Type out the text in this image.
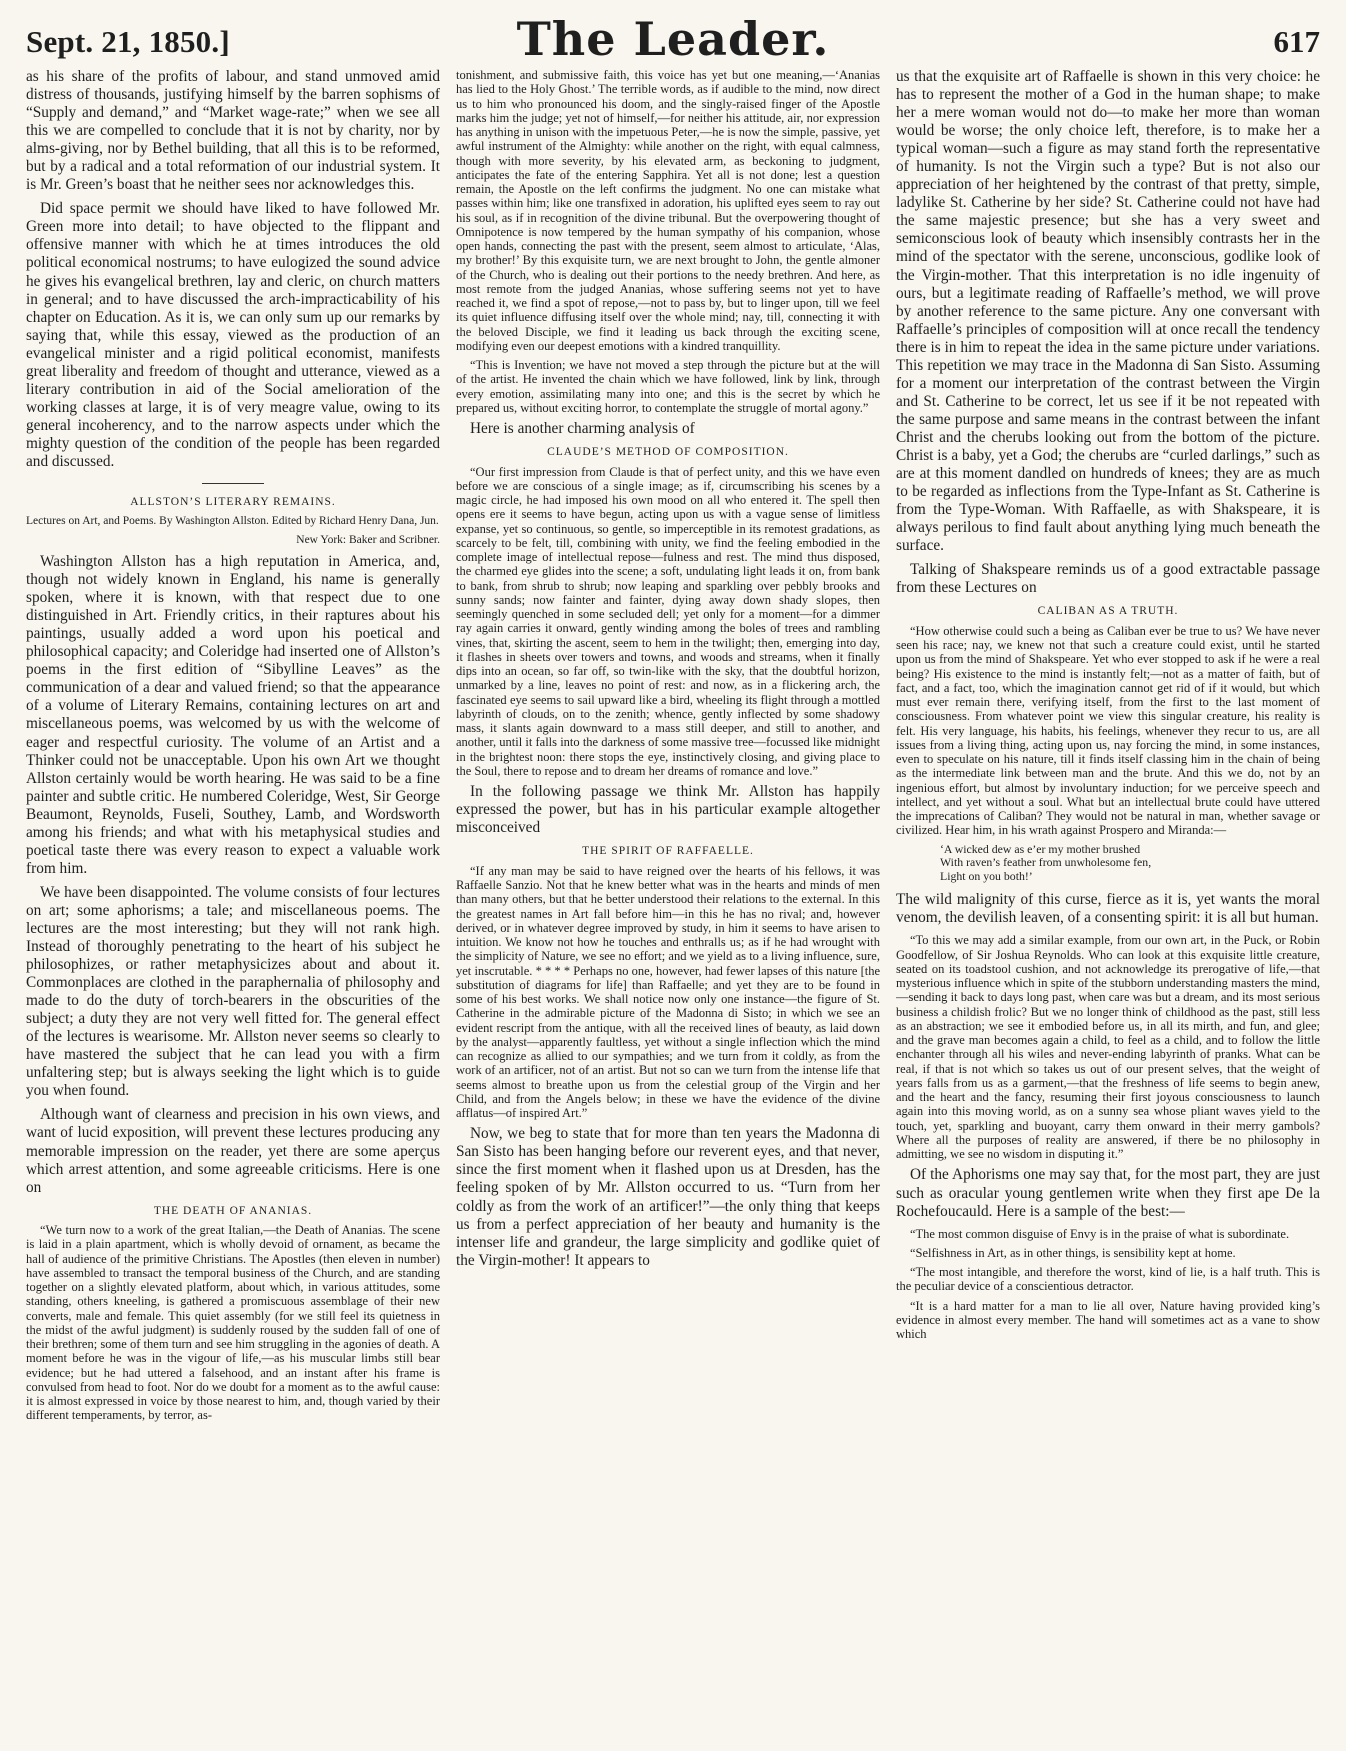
Sept. 21, 1850.]	The Leader.	617

as his share of the profits of labour, and stand unmoved amid distress of thousands, justifying himself by the barren sophisms of “Supply and demand,” and “Market wage-rate;” when we see all this we are compelled to conclude that it is not by charity, nor by alms-giving, nor by Bethel building, that all this is to be reformed, but by a radical and a total reformation of our industrial system. It is Mr. Green’s boast that he neither sees nor acknowledges this.

Did space permit we should have liked to have followed Mr. Green more into detail; to have objected to the flippant and offensive manner with which he at times introduces the old political economical nostrums; to have eulogized the sound advice he gives his evangelical brethren, lay and cleric, on church matters in general; and to have discussed the arch-impracticability of his chapter on Education. As it is, we can only sum up our remarks by saying that, while this essay, viewed as the production of an evangelical minister and a rigid political economist, manifests great liberality and freedom of thought and utterance, viewed as a literary contribution in aid of the Social amelioration of the working classes at large, it is of very meagre value, owing to its general incoherency, and to the narrow aspects under which the mighty question of the condition of the people has been regarded and discussed.

ALLSTON’S LITERARY REMAINS.

Lectures on Art, and Poems. By Washington Allston. Edited by Richard Henry Dana, Jun.

New York: Baker and Scribner.

Washington Allston has a high reputation in America, and, though not widely known in England, his name is generally spoken, where it is known, with that respect due to one distinguished in Art. Friendly critics, in their raptures about his paintings, usually added a word upon his poetical and philosophical capacity; and Coleridge had inserted one of Allston’s poems in the first edition of “Sibylline Leaves” as the communication of a dear and valued friend; so that the appearance of a volume of Literary Remains, containing lectures on art and miscellaneous poems, was welcomed by us with the welcome of eager and respectful curiosity. The volume of an Artist and a Thinker could not be unacceptable. Upon his own Art we thought Allston certainly would be worth hearing. He was said to be a fine painter and subtle critic. He numbered Coleridge, West, Sir George Beaumont, Reynolds, Fuseli, Southey, Lamb, and Wordsworth among his friends; and what with his metaphysical studies and poetical taste there was every reason to expect a valuable work from him.

We have been disappointed. The volume consists of four lectures on art; some aphorisms; a tale; and miscellaneous poems. The lectures are the most interesting; but they will not rank high. Instead of thoroughly penetrating to the heart of his subject he philosophizes, or rather metaphysicizes about and about it. Commonplaces are clothed in the paraphernalia of philosophy and made to do the duty of torch-bearers in the obscurities of the subject; a duty they are not very well fitted for. The general effect of the lectures is wearisome. Mr. Allston never seems so clearly to have mastered the subject that he can lead you with a firm unfaltering step; but is always seeking the light which is to guide you when found.

Although want of clearness and precision in his own views, and want of lucid exposition, will prevent these lectures producing any memorable impression on the reader, yet there are some aperçus which arrest attention, and some agreeable criticisms. Here is one on

THE DEATH OF ANANIAS.

“We turn now to a work of the great Italian,—the Death of Ananias. The scene is laid in a plain apartment, which is wholly devoid of ornament, as became the hall of audience of the primitive Christians. The Apostles (then eleven in number) have assembled to transact the temporal business of the Church, and are standing together on a slightly elevated platform, about which, in various attitudes, some standing, others kneeling, is gathered a promiscuous assemblage of their new converts, male and female. This quiet assembly (for we still feel its quietness in the midst of the awful judgment) is suddenly roused by the sudden fall of one of their brethren; some of them turn and see him struggling in the agonies of death. A moment before he was in the vigour of life,—as his muscular limbs still bear evidence; but he had uttered a falsehood, and an instant after his frame is convulsed from head to foot. Nor do we doubt for a moment as to the awful cause: it is almost expressed in voice by those nearest to him, and, though varied by their different temperaments, by terror, as-

tonishment, and submissive faith, this voice has yet but one meaning,—‘Ananias has lied to the Holy Ghost.’ The terrible words, as if audible to the mind, now direct us to him who pronounced his doom, and the singly-raised finger of the Apostle marks him the judge; yet not of himself,—for neither his attitude, air, nor expression has anything in unison with the impetuous Peter,—he is now the simple, passive, yet awful instrument of the Almighty: while another on the right, with equal calmness, though with more severity, by his elevated arm, as beckoning to judgment, anticipates the fate of the entering Sapphira. Yet all is not done; lest a question remain, the Apostle on the left confirms the judgment. No one can mistake what passes within him; like one transfixed in adoration, his uplifted eyes seem to ray out his soul, as if in recognition of the divine tribunal. But the overpowering thought of Omnipotence is now tempered by the human sympathy of his companion, whose open hands, connecting the past with the present, seem almost to articulate, ‘Alas, my brother!’ By this exquisite turn, we are next brought to John, the gentle almoner of the Church, who is dealing out their portions to the needy brethren. And here, as most remote from the judged Ananias, whose suffering seems not yet to have reached it, we find a spot of repose,—not to pass by, but to linger upon, till we feel its quiet influence diffusing itself over the whole mind; nay, till, connecting it with the beloved Disciple, we find it leading us back through the exciting scene, modifying even our deepest emotions with a kindred tranquillity.

“This is Invention; we have not moved a step through the picture but at the will of the artist. He invented the chain which we have followed, link by link, through every emotion, assimilating many into one; and this is the secret by which he prepared us, without exciting horror, to contemplate the struggle of mortal agony.”

Here is another charming analysis of

CLAUDE’S METHOD OF COMPOSITION.

“Our first impression from Claude is that of perfect unity, and this we have even before we are conscious of a single image; as if, circumscribing his scenes by a magic circle, he had imposed his own mood on all who entered it. The spell then opens ere it seems to have begun, acting upon us with a vague sense of limitless expanse, yet so continuous, so gentle, so imperceptible in its remotest gradations, as scarcely to be felt, till, combining with unity, we find the feeling embodied in the complete image of intellectual repose—fulness and rest. The mind thus disposed, the charmed eye glides into the scene; a soft, undulating light leads it on, from bank to bank, from shrub to shrub; now leaping and sparkling over pebbly brooks and sunny sands; now fainter and fainter, dying away down shady slopes, then seemingly quenched in some secluded dell; yet only for a moment—for a dimmer ray again carries it onward, gently winding among the boles of trees and rambling vines, that, skirting the ascent, seem to hem in the twilight; then, emerging into day, it flashes in sheets over towers and towns, and woods and streams, when it finally dips into an ocean, so far off, so twin-like with the sky, that the doubtful horizon, unmarked by a line, leaves no point of rest: and now, as in a flickering arch, the fascinated eye seems to sail upward like a bird, wheeling its flight through a mottled labyrinth of clouds, on to the zenith; whence, gently inflected by some shadowy mass, it slants again downward to a mass still deeper, and still to another, and another, until it falls into the darkness of some massive tree—focussed like midnight in the brightest noon: there stops the eye, instinctively closing, and giving place to the Soul, there to repose and to dream her dreams of romance and love.”

In the following passage we think Mr. Allston has happily expressed the power, but has in his particular example altogether misconceived

THE SPIRIT OF RAFFAELLE.

“If any man may be said to have reigned over the hearts of his fellows, it was Raffaelle Sanzio. Not that he knew better what was in the hearts and minds of men than many others, but that he better understood their relations to the external. In this the greatest names in Art fall before him—in this he has no rival; and, however derived, or in whatever degree improved by study, in him it seems to have arisen to intuition. We know not how he touches and enthralls us; as if he had wrought with the simplicity of Nature, we see no effort; and we yield as to a living influence, sure, yet inscrutable. * * * * Perhaps no one, however, had fewer lapses of this nature [the substitution of diagrams for life] than Raffaelle; and yet they are to be found in some of his best works. We shall notice now only one instance—the figure of St. Catherine in the admirable picture of the Madonna di Sisto; in which we see an evident rescript from the antique, with all the received lines of beauty, as laid down by the analyst—apparently faultless, yet without a single inflection which the mind can recognize as allied to our sympathies; and we turn from it coldly, as from the work of an artificer, not of an artist. But not so can we turn from the intense life that seems almost to breathe upon us from the celestial group of the Virgin and her Child, and from the Angels below; in these we have the evidence of the divine afflatus—of inspired Art.”

Now, we beg to state that for more than ten years the Madonna di San Sisto has been hanging before our reverent eyes, and that never, since the first moment when it flashed upon us at Dresden, has the feeling spoken of by Mr. Allston occurred to us. “Turn from her coldly as from the work of an artificer!”—the only thing that keeps us from a perfect appreciation of her beauty and humanity is the intenser life and grandeur, the large simplicity and godlike quiet of the Virgin-mother! It appears to

us that the exquisite art of Raffaelle is shown in this very choice: he has to represent the mother of a God in the human shape; to make her a mere woman would not do—to make her more than woman would be worse; the only choice left, therefore, is to make her a typical woman—such a figure as may stand forth the representative of humanity. Is not the Virgin such a type? But is not also our appreciation of her heightened by the contrast of that pretty, simple, ladylike St. Catherine by her side? St. Catherine could not have had the same majestic presence; but she has a very sweet and semiconscious look of beauty which insensibly contrasts her in the mind of the spectator with the serene, unconscious, godlike look of the Virgin-mother. That this interpretation is no idle ingenuity of ours, but a legitimate reading of Raffaelle’s method, we will prove by another reference to the same picture. Any one conversant with Raffaelle’s principles of composition will at once recall the tendency there is in him to repeat the idea in the same picture under variations. This repetition we may trace in the Madonna di San Sisto. Assuming for a moment our interpretation of the contrast between the Virgin and St. Catherine to be correct, let us see if it be not repeated with the same purpose and same means in the contrast between the infant Christ and the cherubs looking out from the bottom of the picture. Christ is a baby, yet a God; the cherubs are “curled darlings,” such as are at this moment dandled on hundreds of knees; they are as much to be regarded as inflections from the Type-Infant as St. Catherine is from the Type-Woman. With Raffaelle, as with Shakspeare, it is always perilous to find fault about anything lying much beneath the surface.

Talking of Shakspeare reminds us of a good extractable passage from these Lectures on

CALIBAN AS A TRUTH.

“How otherwise could such a being as Caliban ever be true to us? We have never seen his race; nay, we knew not that such a creature could exist, until he started upon us from the mind of Shakspeare. Yet who ever stopped to ask if he were a real being? His existence to the mind is instantly felt;—not as a matter of faith, but of fact, and a fact, too, which the imagination cannot get rid of if it would, but which must ever remain there, verifying itself, from the first to the last moment of consciousness. From whatever point we view this singular creature, his reality is felt. His very language, his habits, his feelings, whenever they recur to us, are all issues from a living thing, acting upon us, nay forcing the mind, in some instances, even to speculate on his nature, till it finds itself classing him in the chain of being as the intermediate link between man and the brute. And this we do, not by an ingenious effort, but almost by involuntary induction; for we perceive speech and intellect, and yet without a soul. What but an intellectual brute could have uttered the imprecations of Caliban? They would not be natural in man, whether savage or civilized. Hear him, in his wrath against Prospero and Miranda:—

‘A wicked dew as e’er my mother brushed
With raven’s feather from unwholesome fen,
Light on you both!’

The wild malignity of this curse, fierce as it is, yet wants the moral venom, the devilish leaven, of a consenting spirit: it is all but human.

“To this we may add a similar example, from our own art, in the Puck, or Robin Goodfellow, of Sir Joshua Reynolds. Who can look at this exquisite little creature, seated on its toadstool cushion, and not acknowledge its prerogative of life,—that mysterious influence which in spite of the stubborn understanding masters the mind,—sending it back to days long past, when care was but a dream, and its most serious business a childish frolic? But we no longer think of childhood as the past, still less as an abstraction; we see it embodied before us, in all its mirth, and fun, and glee; and the grave man becomes again a child, to feel as a child, and to follow the little enchanter through all his wiles and never-ending labyrinth of pranks. What can be real, if that is not which so takes us out of our present selves, that the weight of years falls from us as a garment,—that the freshness of life seems to begin anew, and the heart and the fancy, resuming their first joyous consciousness to launch again into this moving world, as on a sunny sea whose pliant waves yield to the touch, yet, sparkling and buoyant, carry them onward in their merry gambols? Where all the purposes of reality are answered, if there be no philosophy in admitting, we see no wisdom in disputing it.”

Of the Aphorisms one may say that, for the most part, they are just such as oracular young gentlemen write when they first ape De la Rochefoucauld. Here is a sample of the best:—

“The most common disguise of Envy is in the praise of what is subordinate.

“Selfishness in Art, as in other things, is sensibility kept at home.

“The most intangible, and therefore the worst, kind of lie, is a half truth. This is the peculiar device of a conscientious detractor.

“It is a hard matter for a man to lie all over, Nature having provided king’s evidence in almost every member. The hand will sometimes act as a vane to show which
